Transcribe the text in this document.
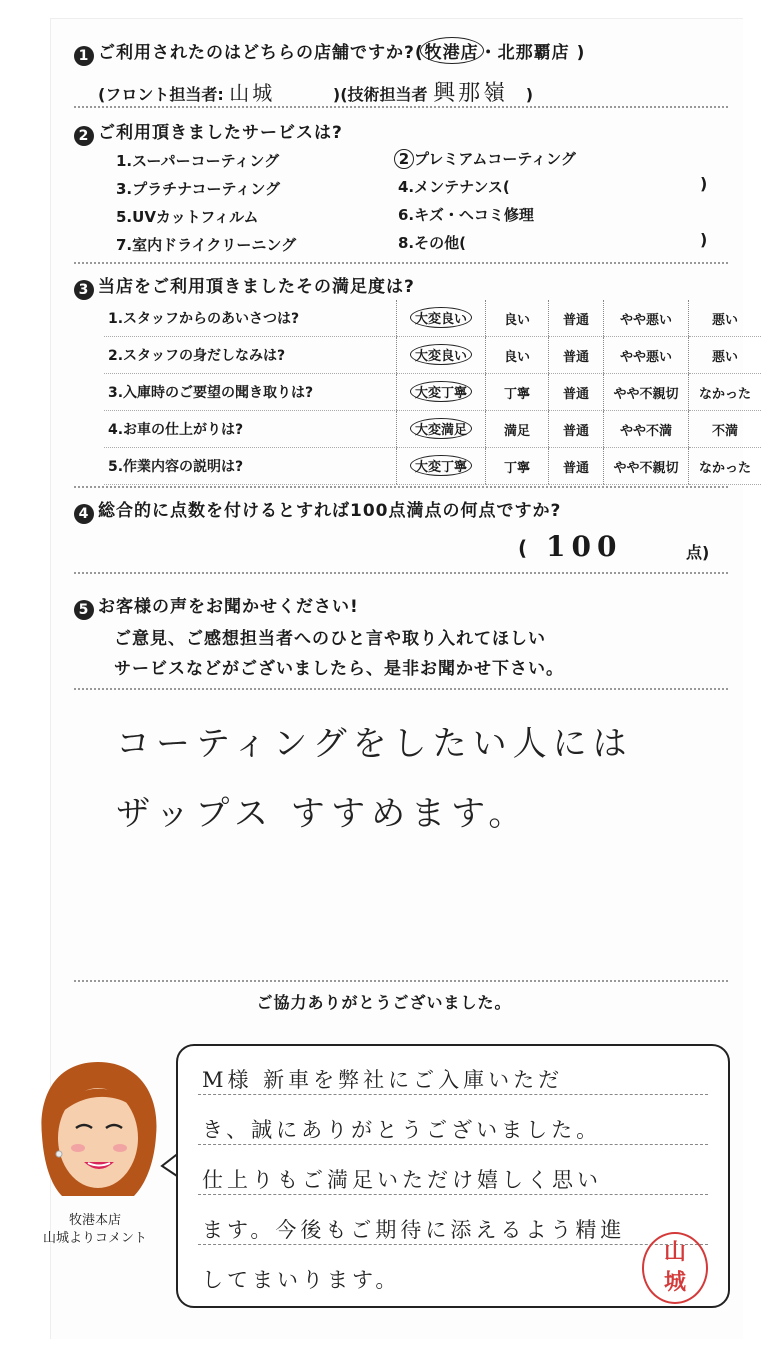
1 ご利用されたのはどちらの店舗ですか?(牧港店・北那覇店 )
(フロント担当者: 山城	)(技術担当者 興那嶺 )
2 ご利用頂きましたサービスは?
1.スーパーコーティング	2 プレミアムコーティング
3.プラチナコーティング	4.メンテナンス(	)
5.UVカットフィルム	6.キズ・ヘコミ修理
7.室内ドライクリーニング	8.その他(	)
3 当店をご利用頂きましたその満足度は?
1.スタッフからのあいさつは?	大変良い	良い	普通	やや悪い	悪い
2.スタッフの身だしなみは?	大変良い	良い	普通	やや悪い	悪い
3.入庫時のご要望の聞き取りは?	大変丁寧	丁寧	普通	やや不親切	なかった
4.お車の仕上がりは?	大変満足	満足	普通	やや不満	不満
5.作業内容の説明は?	大変丁寧	丁寧	普通	やや不親切	なかった
4 総合的に点数を付けるとすれば100点満点の何点ですか?
( 100	点)
5 お客様の声をお聞かせください!
ご意見、ご感想担当者へのひと言や取り入れてほしい
サービスなどがございましたら、是非お聞かせ下さい。
コーティングをしたい人には
ザップス すすめます。
ご協力ありがとうございました。
牧港本店
山城よりコメント
M様 新車を弊社にご入庫いただ
き、誠にありがとうございました。
仕上りもご満足いただけ嬉しく思い
ます。今後もご期待に添えるよう精進
してまいります。
山城
